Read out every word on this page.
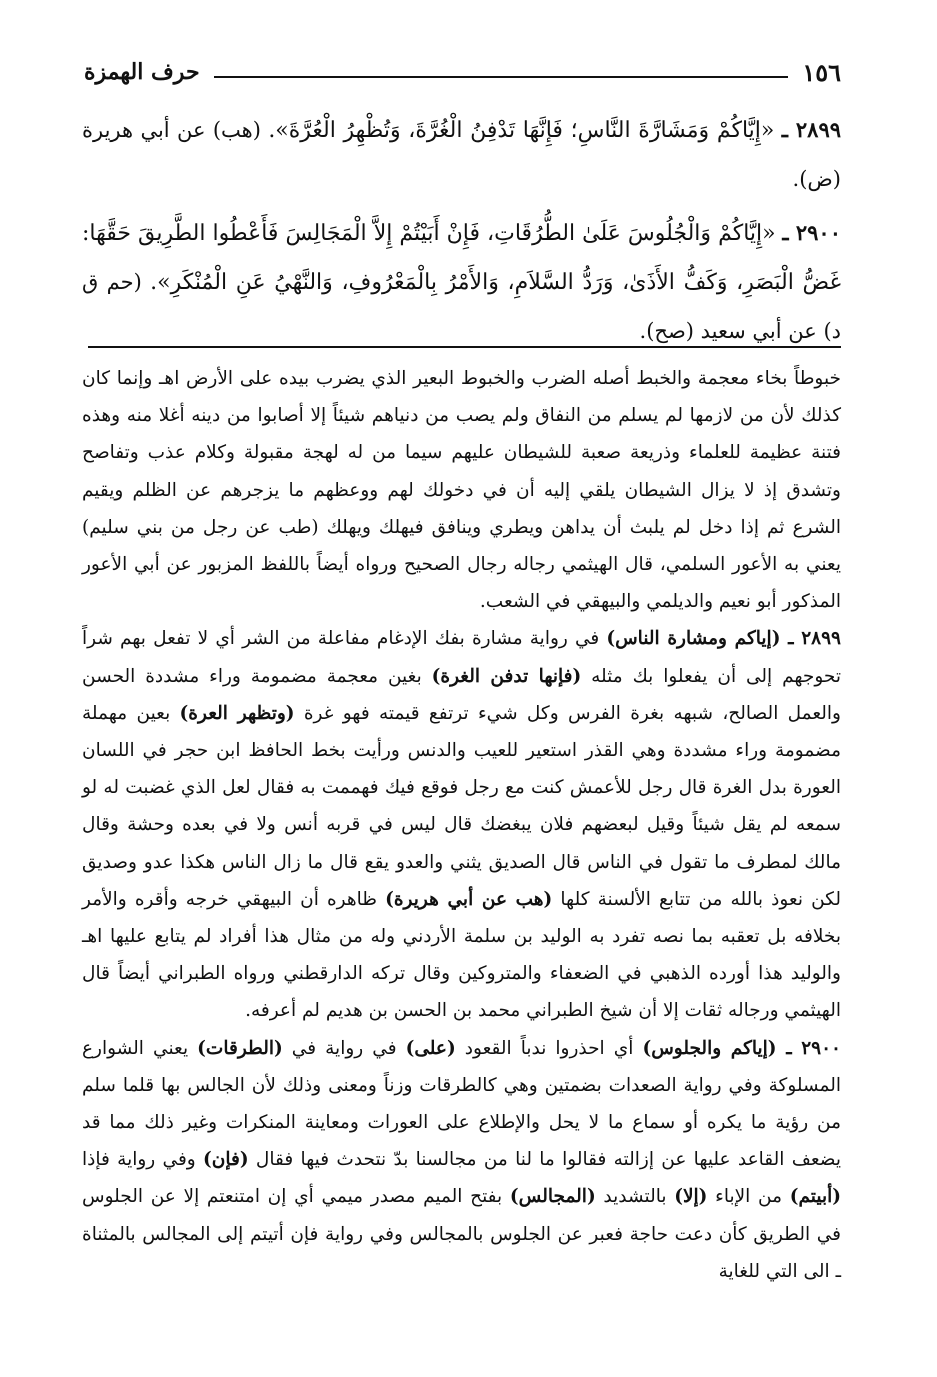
١٥٦
حرف الهمزة

٢٨٩٩ ـ «إِيَّاكُمْ وَمَشَارَّةَ النَّاسِ؛ فَإِنَّهَا تَدْفِنُ الْغُرَّةَ، وَتُظْهِرُ الْعُرَّةَ». (هب) عن أبي هريرة (ض).

٢٩٠٠ ـ «إِيَّاكُمْ وَالْجُلُوسَ عَلَىٰ الطُّرُقَاتِ، فَإِنْ أَبَيْتُمْ إِلاَّ الْمَجَالِسَ فَأَعْطُوا الطَّرِيقَ حَقَّهَا: غَضُّ الْبَصَرِ، وَكَفُّ الأَذَىٰ، وَرَدُّ السَّلاَمِ، وَالأَمْرُ بِالْمَعْرُوفِ، وَالنَّهْيُ عَنِ الْمُنْكَرِ». (حم ق د) عن أبي سعيد (صح).

خبوطاً بخاء معجمة والخبط أصله الضرب والخبوط البعير الذي يضرب بيده على الأرض اهـ وإنما كان كذلك لأن من لازمها لم يسلم من النفاق ولم يصب من دنياهم شيئاً إلا أصابوا من دينه أغلا منه وهذه فتنة عظيمة للعلماء وذريعة صعبة للشيطان عليهم سيما من له لهجة مقبولة وكلام عذب وتفاصح وتشدق إذ لا يزال الشيطان يلقي إليه أن في دخولك لهم ووعظهم ما يزجرهم عن الظلم ويقيم الشرع ثم إذا دخل لم يلبث أن يداهن ويطري وينافق فيهلك ويهلك (طب عن رجل من بني سليم) يعني به الأعور السلمي، قال الهيثمي رجاله رجال الصحيح ورواه أيضاً باللفظ المزبور عن أبي الأعور المذكور أبو نعيم والديلمي والبيهقي في الشعب.

٢٨٩٩ ـ (إياكم ومشارة الناس) في رواية مشارة بفك الإدغام مفاعلة من الشر أي لا تفعل بهم شراً تحوجهم إلى أن يفعلوا بك مثله (فإنها تدفن الغرة) بغين معجمة مضمومة وراء مشددة الحسن والعمل الصالح، شبهه بغرة الفرس وكل شيء ترتفع قيمته فهو غرة (وتظهر العرة) بعين مهملة مضمومة وراء مشددة وهي القذر استعير للعيب والدنس ورأيت بخط الحافظ ابن حجر في اللسان العورة بدل الغرة قال رجل للأعمش كنت مع رجل فوقع فيك فهممت به فقال لعل الذي غضبت له لو سمعه لم يقل شيئاً وقيل لبعضهم فلان يبغضك قال ليس في قربه أنس ولا في بعده وحشة وقال مالك لمطرف ما تقول في الناس قال الصديق يثني والعدو يقع قال ما زال الناس هكذا عدو وصديق لكن نعوذ بالله من تتابع الألسنة كلها (هب عن أبي هريرة) ظاهره أن البيهقي خرجه وأقره والأمر بخلافه بل تعقبه بما نصه تفرد به الوليد بن سلمة الأردني وله من مثال هذا أفراد لم يتابع عليها اهـ والوليد هذا أورده الذهبي في الضعفاء والمتروكين وقال تركه الدارقطني ورواه الطبراني أيضاً قال الهيثمي ورجاله ثقات إلا أن شيخ الطبراني محمد بن الحسن بن هديم لم أعرفه.

٢٩٠٠ ـ (إياكم والجلوس) أي احذروا ندباً القعود (على) في رواية في (الطرقات) يعني الشوارع المسلوكة وفي رواية الصعدات بضمتين وهي كالطرقات وزناً ومعنى وذلك لأن الجالس بها قلما سلم من رؤية ما يكره أو سماع ما لا يحل والإطلاع على العورات ومعاينة المنكرات وغير ذلك مما قد يضعف القاعد عليها عن إزالته فقالوا ما لنا من مجالسنا بدّ نتحدث فيها فقال (فإن) وفي رواية فإذا (أبيتم) من الإباء (إلا) بالتشديد (المجالس) بفتح الميم مصدر ميمي أي إن امتنعتم إلا عن الجلوس في الطريق كأن دعت حاجة فعبر عن الجلوس بالمجالس وفي رواية فإن أتيتم إلى المجالس بالمثناة ـ الى التي للغاية
